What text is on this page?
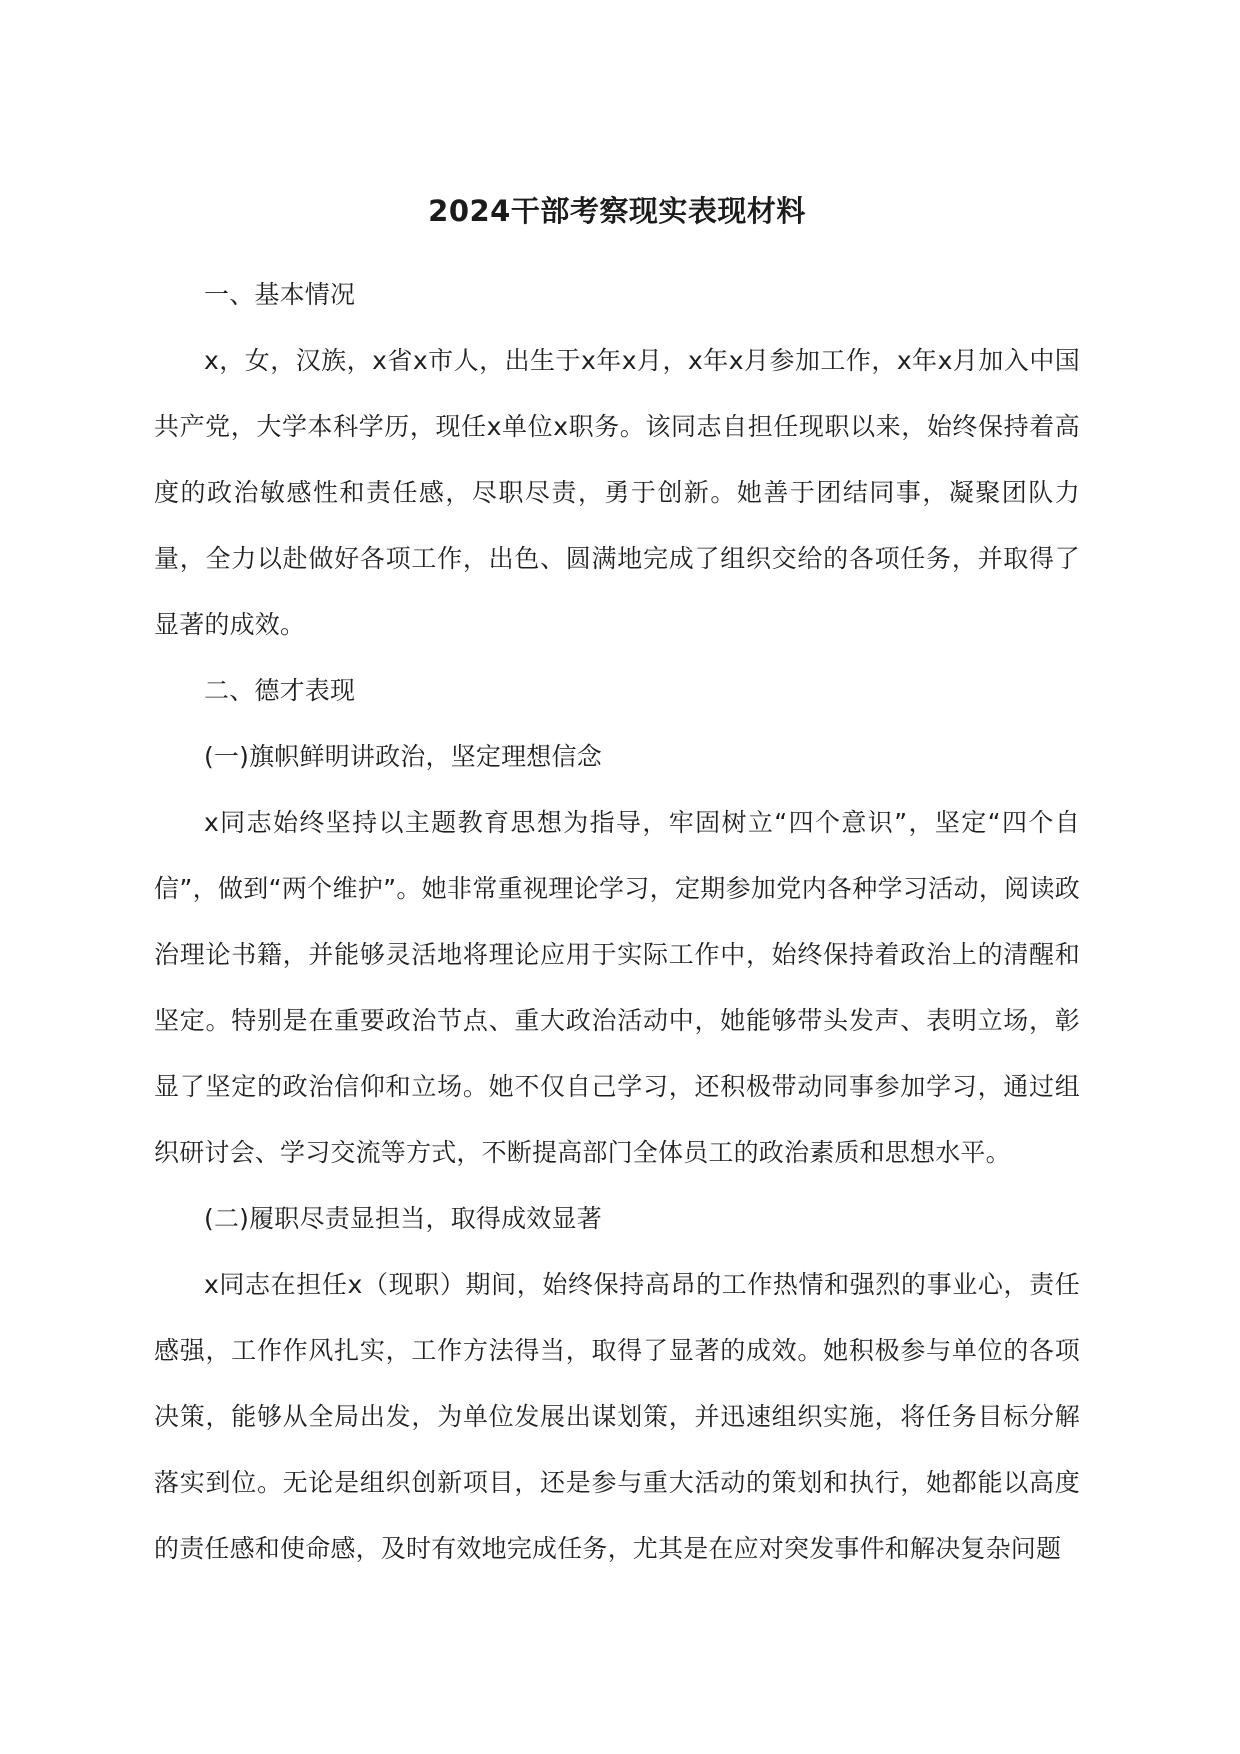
2024干部考察现实表现材料

一、基本情况

x，女，汉族，x省x市人，出生于x年x月，x年x月参加工作，x年x月加入中国共产党，大学本科学历，现任x单位x职务。该同志自担任现职以来，始终保持着高度的政治敏感性和责任感，尽职尽责，勇于创新。她善于团结同事，凝聚团队力量，全力以赴做好各项工作，出色、圆满地完成了组织交给的各项任务，并取得了显著的成效。

二、德才表现

(一)旗帜鲜明讲政治，坚定理想信念

x同志始终坚持以主题教育思想为指导，牢固树立“四个意识”，坚定“四个自信”，做到“两个维护”。她非常重视理论学习，定期参加党内各种学习活动，阅读政治理论书籍，并能够灵活地将理论应用于实际工作中，始终保持着政治上的清醒和坚定。特别是在重要政治节点、重大政治活动中，她能够带头发声、表明立场，彰显了坚定的政治信仰和立场。她不仅自己学习，还积极带动同事参加学习，通过组织研讨会、学习交流等方式，不断提高部门全体员工的政治素质和思想水平。

(二)履职尽责显担当，取得成效显著

x同志在担任x（现职）期间，始终保持高昂的工作热情和强烈的事业心，责任感强，工作作风扎实，工作方法得当，取得了显著的成效。她积极参与单位的各项决策，能够从全局出发，为单位发展出谋划策，并迅速组织实施，将任务目标分解落实到位。无论是组织创新项目，还是参与重大活动的策划和执行，她都能以高度的责任感和使命感，及时有效地完成任务，尤其是在应对突发事件和解决复杂问题
